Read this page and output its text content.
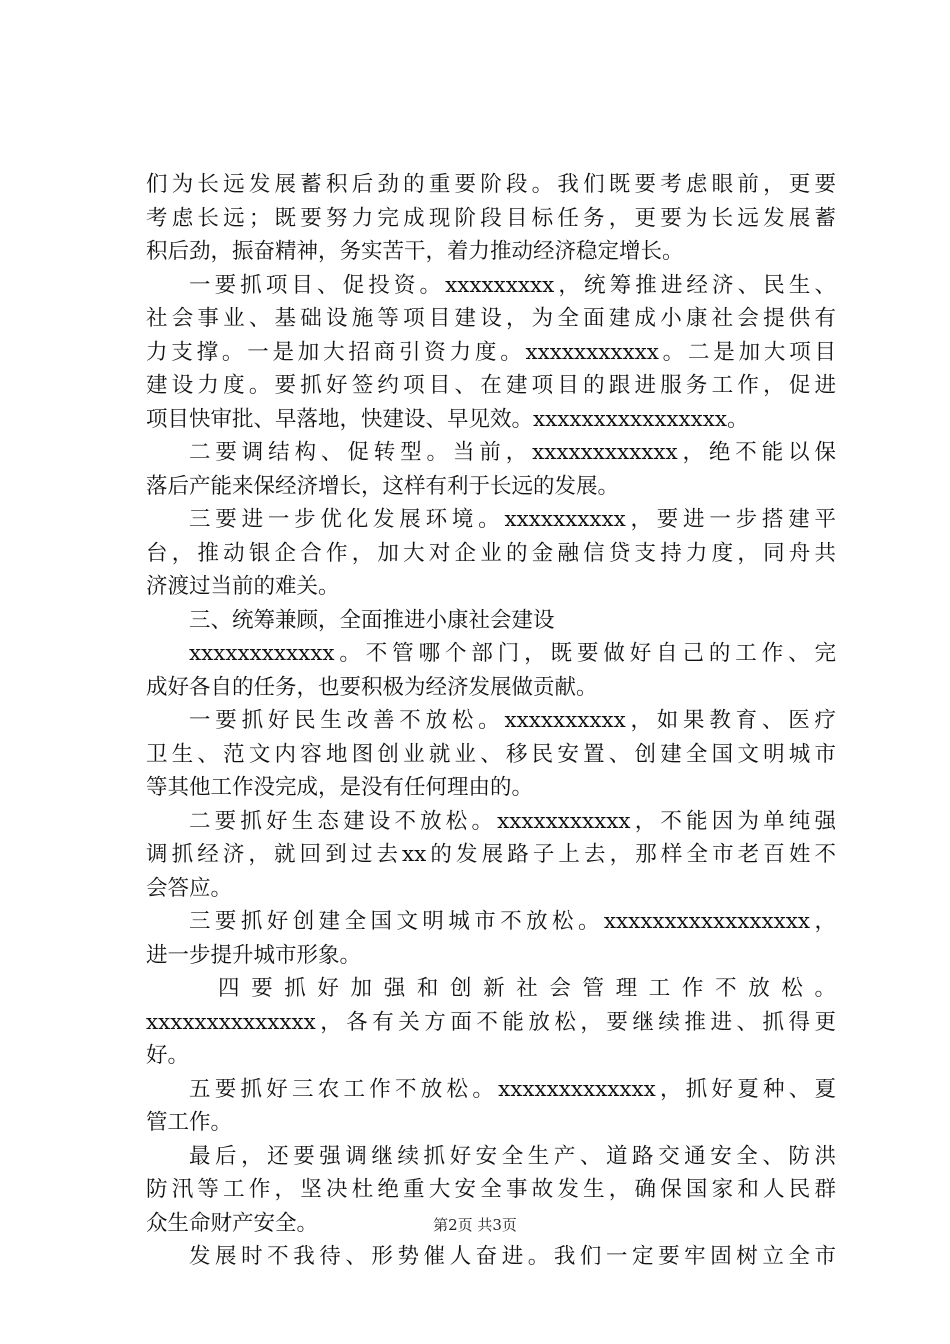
们为长远发展蓄积后劲的重要阶段。我们既要考虑眼前，更要
考虑长远；既要努力完成现阶段目标任务，更要为长远发展蓄
积后劲，振奋精神，务实苦干，着力推动经济稳定增长。
一要抓项目、促投资。xxxxxxxxx，统筹推进经济、民生、
社会事业、基础设施等项目建设，为全面建成小康社会提供有
力支撑。一是加大招商引资力度。xxxxxxxxxxx。二是加大项目
建设力度。要抓好签约项目、在建项目的跟进服务工作，促进
项目快审批、早落地，快建设、早见效。xxxxxxxxxxxxxxxx。
二要调结构、促转型。当前，xxxxxxxxxxxx，绝不能以保
落后产能来保经济增长，这样有利于长远的发展。
三要进一步优化发展环境。xxxxxxxxxx，要进一步搭建平
台，推动银企合作，加大对企业的金融信贷支持力度，同舟共
济渡过当前的难关。
三、统筹兼顾，全面推进小康社会建设
xxxxxxxxxxxx。不管哪个部门，既要做好自己的工作、完
成好各自的任务，也要积极为经济发展做贡献。
一要抓好民生改善不放松。xxxxxxxxxx，如果教育、医疗
卫生、范文内容地图创业就业、移民安置、创建全国文明城市
等其他工作没完成，是没有任何理由的。
二要抓好生态建设不放松。xxxxxxxxxxx，不能因为单纯强
调抓经济，就回到过去xx的发展路子上去，那样全市老百姓不
会答应。
三要抓好创建全国文明城市不放松。xxxxxxxxxxxxxxxxx，
进一步提升城市形象。
四要抓好加强和创新社会管理工作不放松。
xxxxxxxxxxxxxx，各有关方面不能放松，要继续推进、抓得更
好。
五要抓好三农工作不放松。xxxxxxxxxxxxx，抓好夏种、夏
管工作。
最后，还要强调继续抓好安全生产、道路交通安全、防洪
防汛等工作，坚决杜绝重大安全事故发生，确保国家和人民群
众生命财产安全。
发展时不我待、形势催人奋进。我们一定要牢固树立全市
第2页 共3页
